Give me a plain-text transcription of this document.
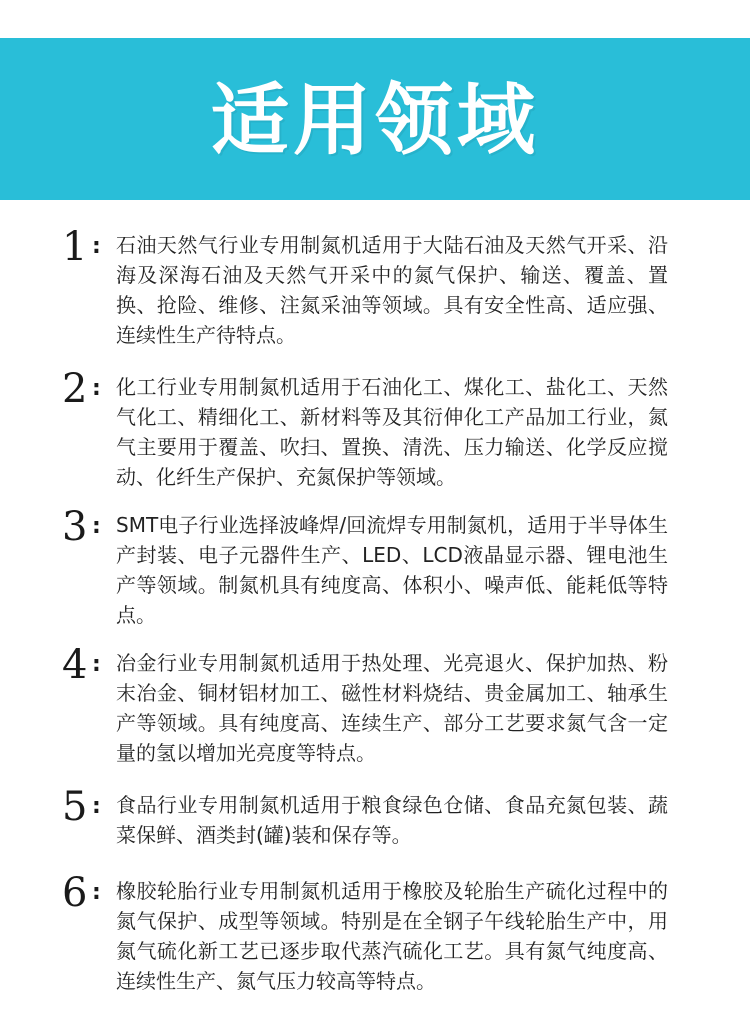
适用领域
1 : 石油天然气行业专用制氮机适用于大陆石油及天然气开采、沿海及深海石油及天然气开采中的氮气保护、输送、覆盖、置换、抢险、维修、注氮采油等领域。具有安全性高、适应强、连续性生产待特点。
2 : 化工行业专用制氮机适用于石油化工、煤化工、盐化工、天然气化工、精细化工、新材料等及其衍伸化工产品加工行业，氮气主要用于覆盖、吹扫、置换、清洗、压力输送、化学反应搅动、化纤生产保护、充氮保护等领域。
3 : SMT电子行业选择波峰焊/回流焊专用制氮机，适用于半导体生产封装、电子元器件生产、LED、LCD液晶显示器、锂电池生产等领域。制氮机具有纯度高、体积小、噪声低、能耗低等特点。
4 : 冶金行业专用制氮机适用于热处理、光亮退火、保护加热、粉末冶金、铜材铝材加工、磁性材料烧结、贵金属加工、轴承生产等领域。具有纯度高、连续生产、部分工艺要求氮气含一定量的氢以增加光亮度等特点。
5 : 食品行业专用制氮机适用于粮食绿色仓储、食品充氮包装、蔬菜保鲜、酒类封(罐)装和保存等。
6 : 橡胶轮胎行业专用制氮机适用于橡胶及轮胎生产硫化过程中的氮气保护、成型等领域。特别是在全钢子午线轮胎生产中，用氮气硫化新工艺已逐步取代蒸汽硫化工艺。具有氮气纯度高、连续性生产、氮气压力较高等特点。
